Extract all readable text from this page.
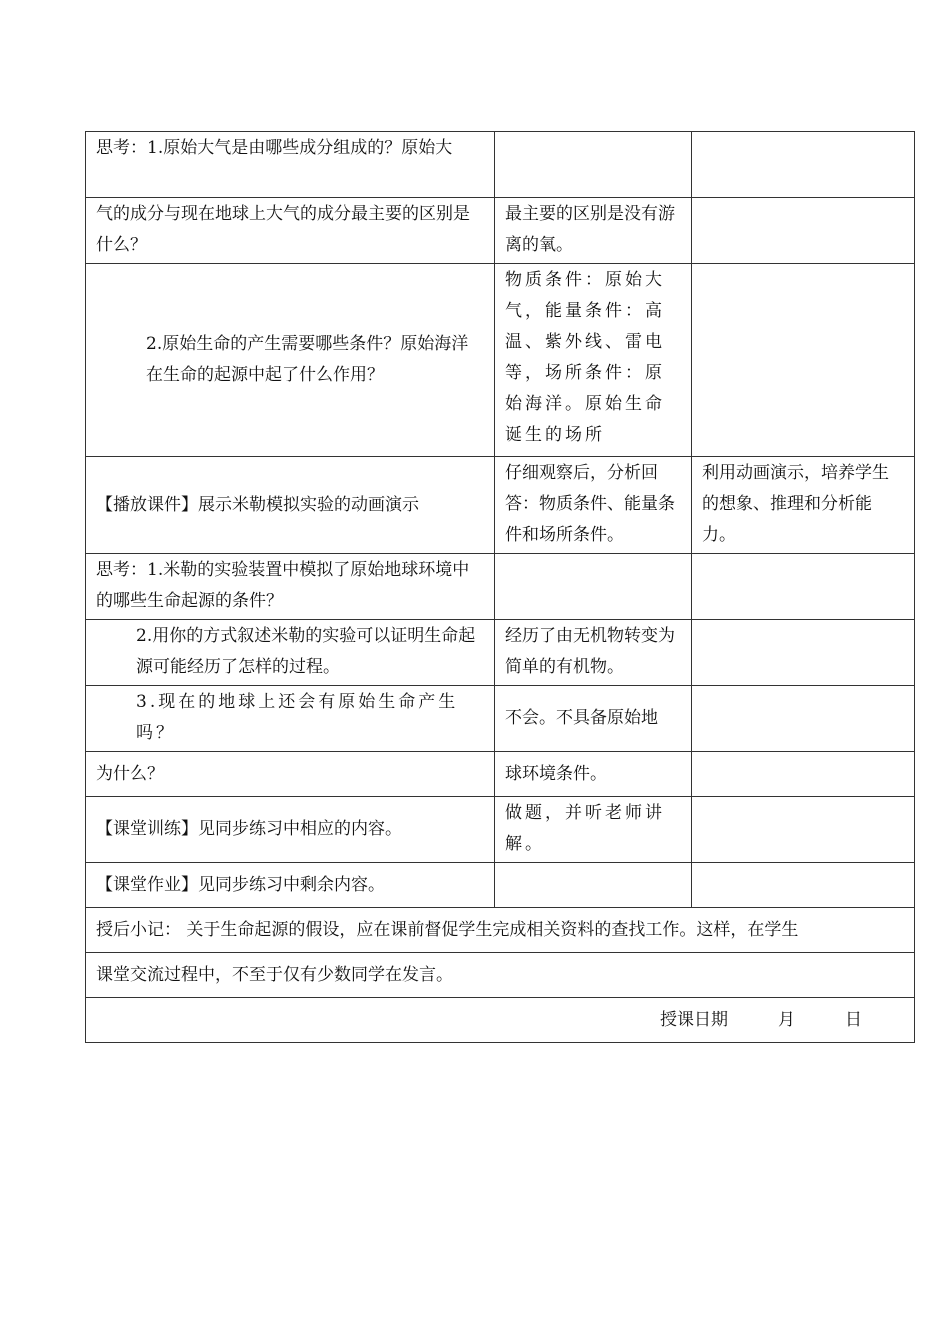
思考：1.原始大气是由哪些成分组成的？原始大		
气的成分与现在地球上大气的成分最主要的区别是什么？	最主要的区别是没有游离的氧。	
2.原始生命的产生需要哪些条件？原始海洋在生命的起源中起了什么作用？	物质条件：原始大气，能量条件：高温、紫外线、雷电等，场所条件：原始海洋。原始生命诞生的场所	
【播放课件】展示米勒模拟实验的动画演示	仔细观察后，分析回答：物质条件、能量条件和场所条件。	利用动画演示，培养学生的想象、推理和分析能力。
思考：1.米勒的实验装置中模拟了原始地球环境中的哪些生命起源的条件？		
2.用你的方式叙述米勒的实验可以证明生命起源可能经历了怎样的过程。	经历了由无机物转变为简单的有机物。	
3.现在的地球上还会有原始生命产生吗？	不会。不具备原始地	
为什么？	球环境条件。	
【课堂训练】见同步练习中相应的内容。	做题，并听老师讲解。	
【课堂作业】见同步练习中剩余内容。		
授后小记： 关于生命起源的假设，应在课前督促学生完成相关资料的查找工作。这样，在学生		
课堂交流过程中，不至于仅有少数同学在发言。		
授课日期 月 日		
